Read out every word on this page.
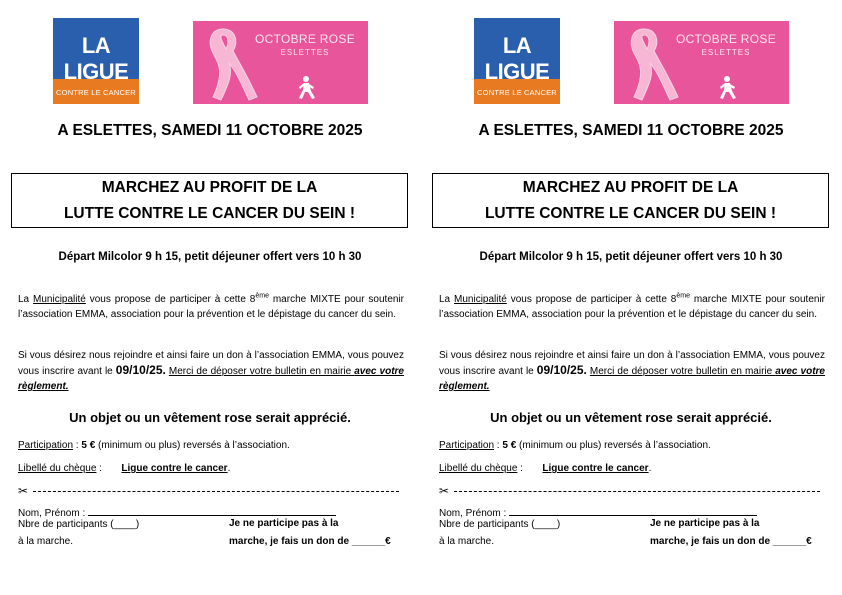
LA LIGUE
CONTRE LE CANCER
OCTOBRE ROSE
ESLETTES
A ESLETTES, SAMEDI 11 OCTOBRE 2025
MARCHEZ AU PROFIT DE LA
LUTTE CONTRE LE CANCER DU SEIN !
Départ Milcolor 9 h 15, petit déjeuner offert vers 10 h 30
La Municipalité vous propose de participer à cette 8ème marche MIXTE pour soutenir l’association EMMA, association pour la prévention et le dépistage du cancer du sein.
Si vous désirez nous rejoindre et ainsi faire un don à l’association EMMA, vous pouvez vous inscrire avant le 09/10/25. Merci de déposer votre bulletin en mairie avec votre règlement.
Un objet ou un vêtement rose serait apprécié.
Participation : 5 € (minimum ou plus) reversés à l’association.
Libellé du chèque :       Ligue contre le cancer.
✂
Nom, Prénom :
Nbre de participants (____)
à la marche.
Je ne participe pas à la
marche, je fais un don de ______€
LA LIGUE
CONTRE LE CANCER
OCTOBRE ROSE
ESLETTES
A ESLETTES, SAMEDI 11 OCTOBRE 2025
MARCHEZ AU PROFIT DE LA
LUTTE CONTRE LE CANCER DU SEIN !
Départ Milcolor 9 h 15, petit déjeuner offert vers 10 h 30
La Municipalité vous propose de participer à cette 8ème marche MIXTE pour soutenir l’association EMMA, association pour la prévention et le dépistage du cancer du sein.
Si vous désirez nous rejoindre et ainsi faire un don à l’association EMMA, vous pouvez vous inscrire avant le 09/10/25. Merci de déposer votre bulletin en mairie avec votre règlement.
Un objet ou un vêtement rose serait apprécié.
Participation : 5 € (minimum ou plus) reversés à l’association.
Libellé du chèque :       Ligue contre le cancer.
✂
Nom, Prénom :
Nbre de participants (____)
à la marche.
Je ne participe pas à la
marche, je fais un don de ______€
